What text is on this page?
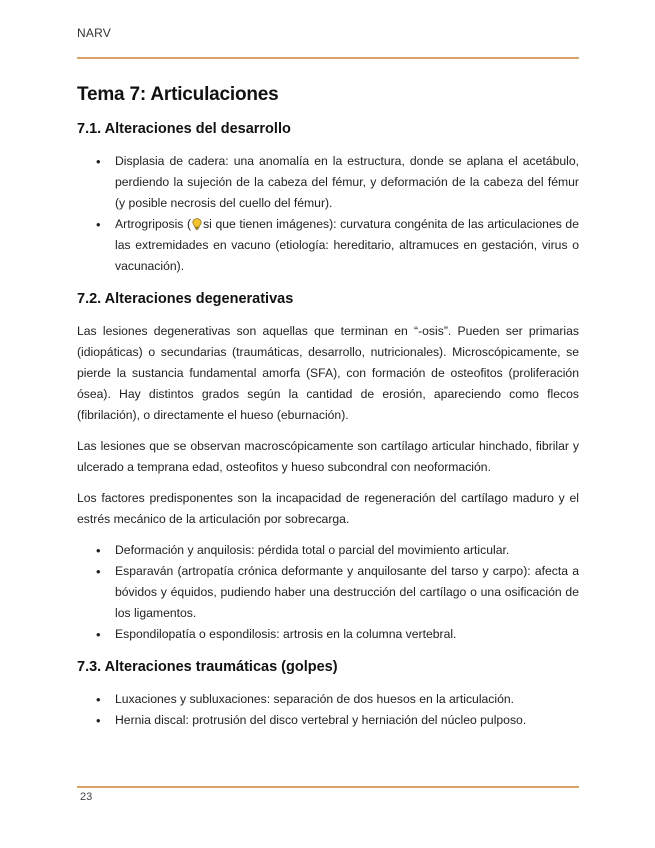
NARV
Tema 7: Articulaciones
7.1. Alteraciones del desarrollo
• Displasia de cadera: una anomalía en la estructura, donde se aplana el acetábulo, perdiendo la sujeción de la cabeza del fémur, y deformación de la cabeza del fémur (y posible necrosis del cuello del fémur).
• Artrogriposis ( si que tienen imágenes): curvatura congénita de las articulaciones de las extremidades en vacuno (etiología: hereditario, altramuces en gestación, virus o vacunación).
7.2. Alteraciones degenerativas

Las lesiones degenerativas son aquellas que terminan en “-osis”. Pueden ser primarias (idiopáticas) o secundarias (traumáticas, desarrollo, nutricionales). Microscópicamente, se pierde la sustancia fundamental amorfa (SFA), con formación de osteofitos (proliferación ósea). Hay distintos grados según la cantidad de erosión, apareciendo como flecos (fibrilación), o directamente el hueso (eburnación).

Las lesiones que se observan macroscópicamente son cartílago articular hinchado, fibrilar y ulcerado a temprana edad, osteofitos y hueso subcondral con neoformación.

Los factores predisponentes son la incapacidad de regeneración del cartílago maduro y el estrés mecánico de la articulación por sobrecarga.

• Deformación y anquilosis: pérdida total o parcial del movimiento articular.
• Esparaván (artropatía crónica deformante y anquilosante del tarso y carpo): afecta a bóvidos y équidos, pudiendo haber una destrucción del cartílago o una osificación de los ligamentos.
• Espondilopatía o espondilosis: artrosis en la columna vertebral.
7.3. Alteraciones traumáticas (golpes)
• Luxaciones y subluxaciones: separación de dos huesos en la articulación.
• Hernia discal: protrusión del disco vertebral y herniación del núcleo pulposo.
23
